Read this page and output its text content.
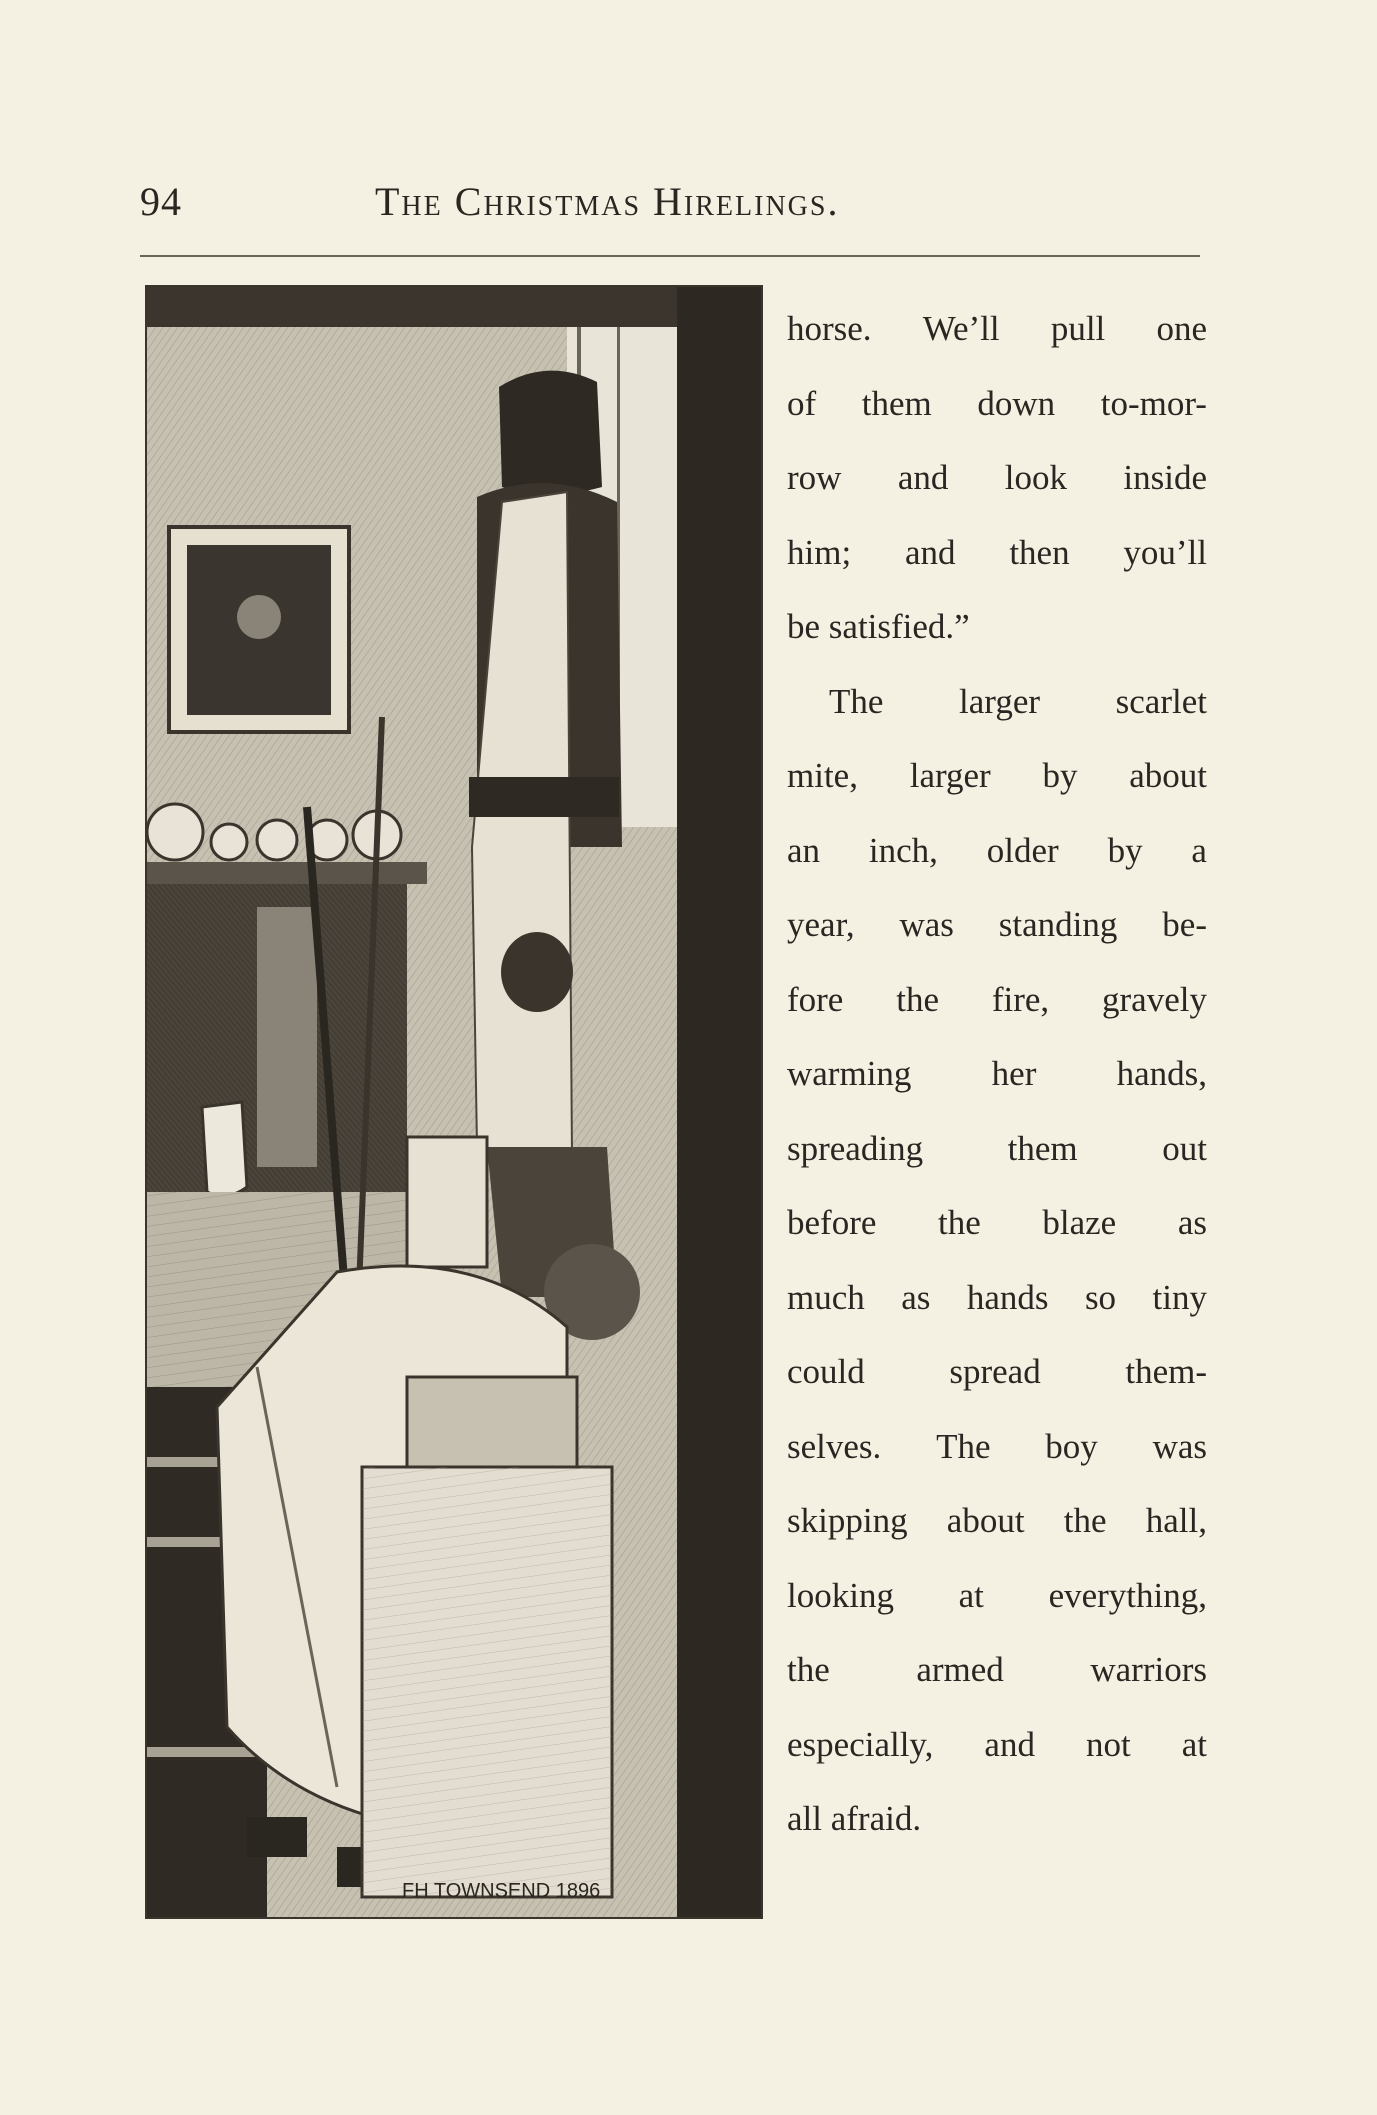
94	The Christmas Hirelings.
FH TOWNSEND 1896
horse. We’ll pull one
of them down to-mor-
row and look inside
him; and then you’ll
be satisfied.”
The larger scarlet
mite, larger by about
an inch, older by a
year, was standing be-
fore the fire, gravely
warming her hands,
spreading them out
before the blaze as
much as hands so tiny
could spread them-
selves. The boy was
skipping about the hall,
looking at everything,
the armed warriors
especially, and not at
all afraid.
